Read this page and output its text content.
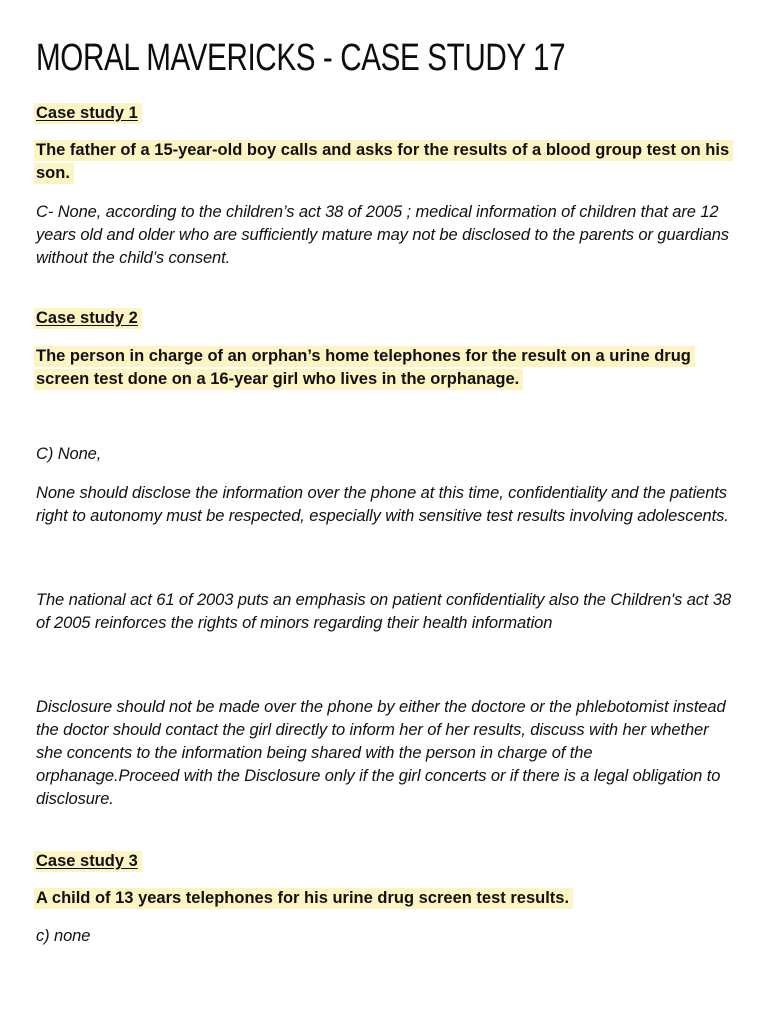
MORAL MAVERICKS - CASE STUDY 17

Case study 1

The father of a 15-year-old boy calls and asks for the results of a blood group test on his son.

C- None, according to the children’s act 38 of 2005 ; medical information of children that are 12 years old and older who are sufficiently mature may not be disclosed to the parents or guardians without the child’s consent.

Case study 2

The person in charge of an orphan’s home telephones for the result on a urine drug screen test done on a 16-year girl who lives in the orphanage.

C) None,

None should disclose the information over the phone at this time, confidentiality and the patients right to autonomy must be respected, especially with sensitive test results involving adolescents.

The national act 61 of 2003 puts an emphasis on patient confidentiality also the Children's act 38 of 2005 reinforces the rights of minors regarding their health information

Disclosure should not be made over the phone by either the doctore or the phlebotomist instead the doctor should contact the girl directly to inform her of her results, discuss with her whether she concents to the information being shared with the person in charge of the orphanage.Proceed with the Disclosure only if the girl concerts or if there is a legal obligation to disclosure.

Case study 3

A child of 13 years telephones for his urine drug screen test results.

c) none
